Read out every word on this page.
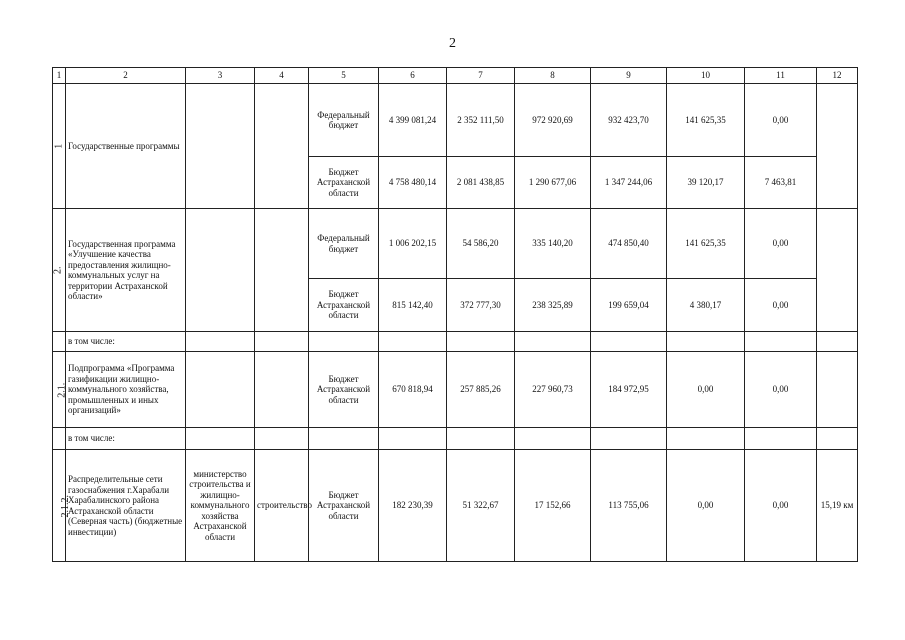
2
1	2	3	4	5	6	7	8	9	10	11	12
1	Государственные программы			Федеральный бюджет	4 399 081,24	2 352 111,50	972 920,69	932 423,70	141 625,35	0,00	
				Бюджет Астраханской области	4 758 480,14	2 081 438,85	1 290 677,06	1 347 244,06	39 120,17	7 463,81	
2.	Государственная программа «Улучшение качества предоставления жилищно-коммунальных услуг на территории Астраханской области»			Федеральный бюджет	1 006 202,15	54 586,20	335 140,20	474 850,40	141 625,35	0,00	
				Бюджет Астраханской области	815 142,40	372 777,30	238 325,89	199 659,04	4 380,17	0,00	
	в том числе:										
2.1.	Подпрограмма «Программа газификации жилищно-коммунального хозяйства, промышленных и иных организаций»			Бюджет Астраханской области	670 818,94	257 885,26	227 960,73	184 972,95	0,00	0,00	
	в том числе:										
2.1.2.	Распределительные сети газоснабжения г.Харабали Харабалинского района Астраханской области (Северная часть) (бюджетные инвестиции)	министерство строительства и жилищно-коммунального хозяйства Астраханской области	строительство	Бюджет Астраханской области	182 230,39	51 322,67	17 152,66	113 755,06	0,00	0,00	15,19 км
